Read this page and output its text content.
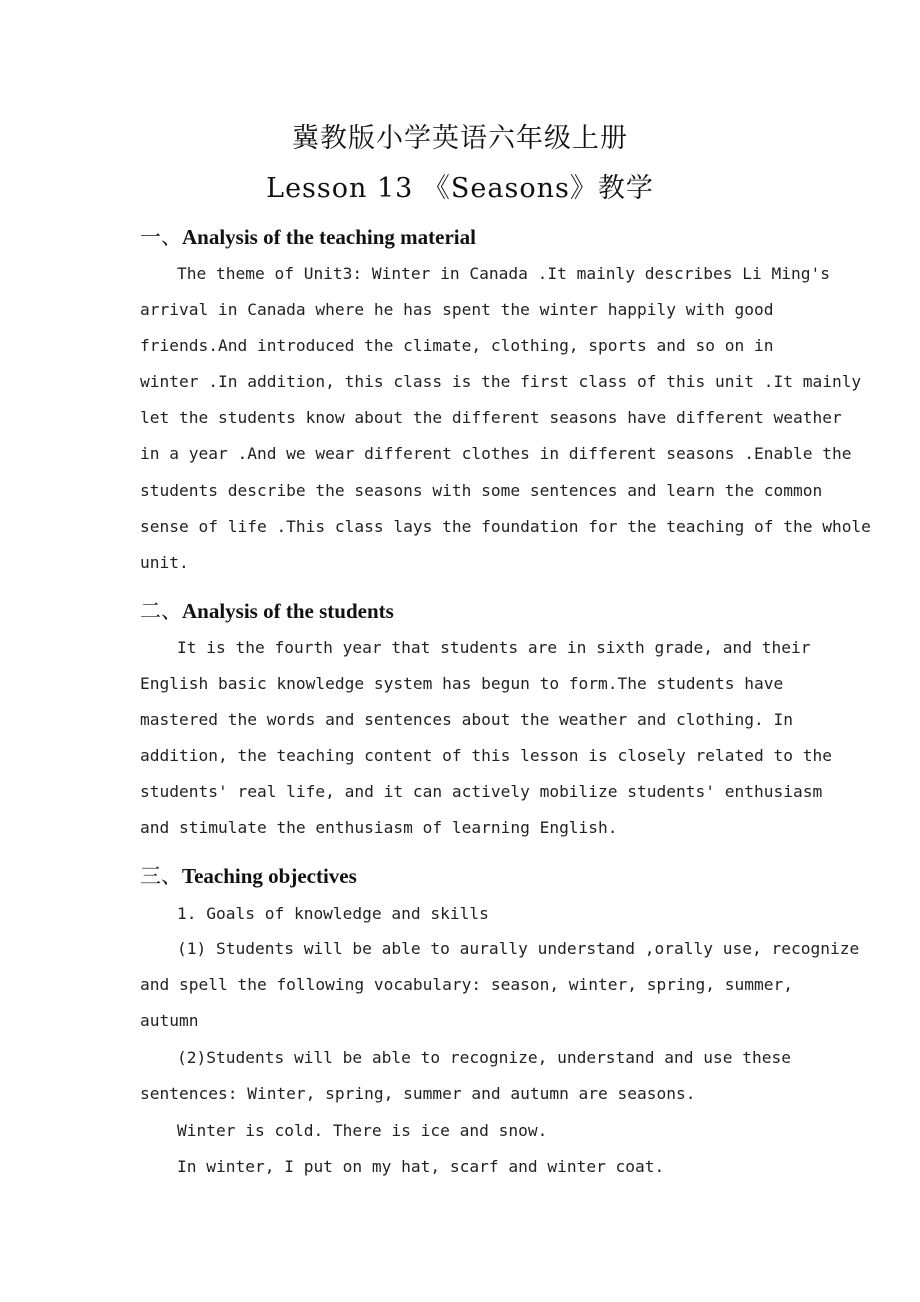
冀教版小学英语六年级上册
Lesson 13 《Seasons》教学
一、Analysis of the teaching material
The theme of Unit3: Winter in Canada .It mainly describes Li Ming's
arrival in Canada where he has spent the winter happily with good
friends.And introduced the climate, clothing, sports and so on in
winter .In addition, this class is the first class of this unit .It mainly
let the students know about the different seasons have different weather
in a year .And we wear different clothes in different seasons .Enable the
students describe the seasons with some sentences and learn the common
sense of life .This class lays the foundation for the teaching of the whole
unit.
二、Analysis of the students
It is the fourth year that students are in sixth grade, and their
English basic knowledge system has begun to form.The students have
mastered the words and sentences about the weather and clothing. In
addition, the teaching content of this lesson is closely related to the
students' real life, and it can actively mobilize students' enthusiasm
and stimulate the enthusiasm of learning English.
三、Teaching objectives
1. Goals of knowledge and skills
(1) Students will be able to aurally understand ,orally use, recognize
and spell the following vocabulary: season, winter, spring, summer,
autumn
(2)Students will be able to recognize, understand and use these
sentences: Winter, spring, summer and autumn are seasons.
Winter is cold. There is ice and snow.
In winter, I put on my hat, scarf and winter coat.
